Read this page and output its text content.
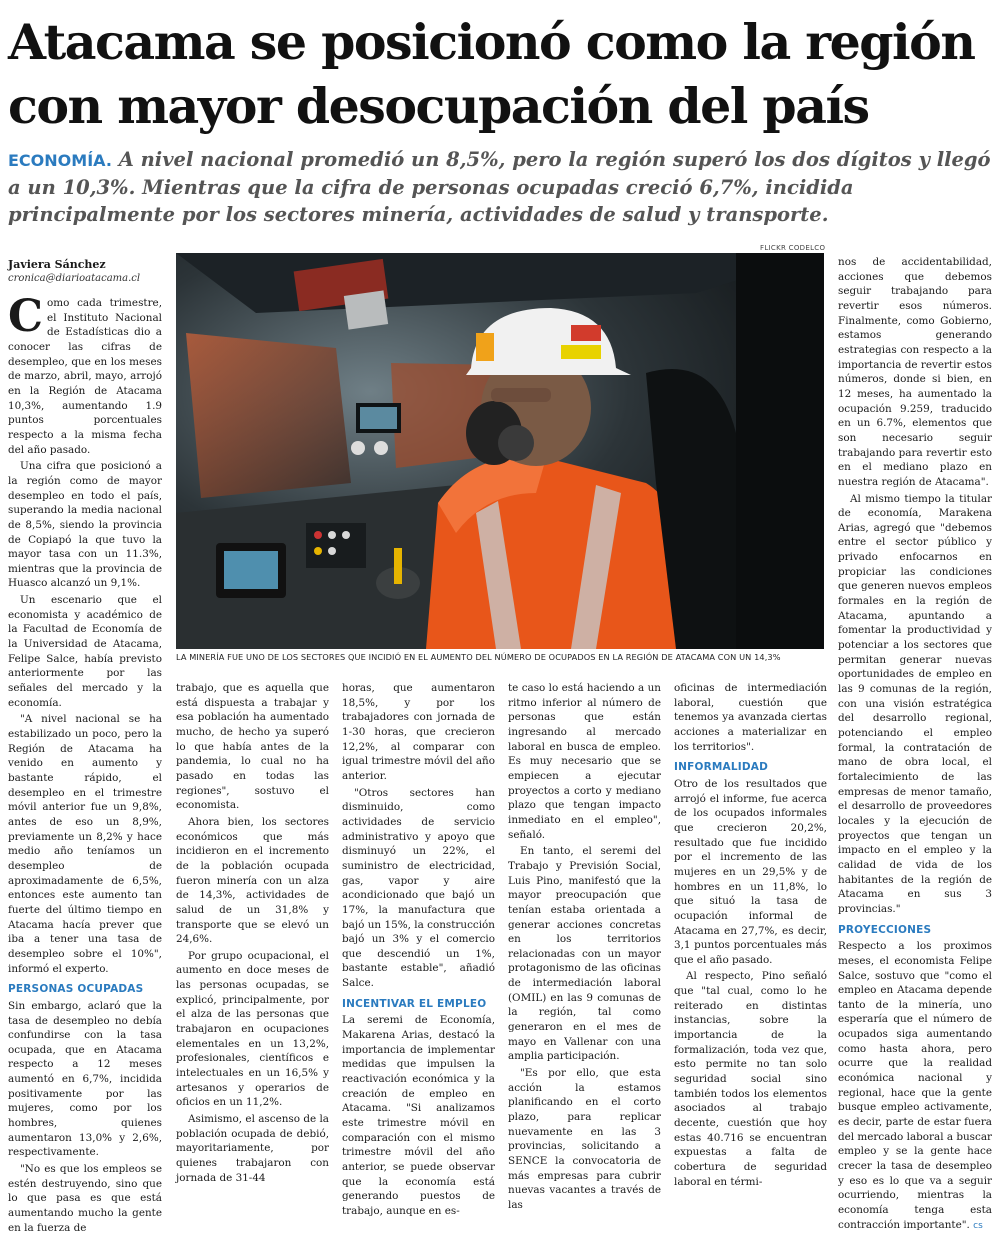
Atacama se posicionó como la región con mayor desocupación del país

ECONOMÍA. A nivel nacional promedió un 8,5%, pero la región superó los dos dígitos y llegó a un 10,3%. Mientras que la cifra de personas ocupadas creció 6,7%, incidida principalmente por los sectores minería, actividades de salud y transporte.

Javiera Sánchez
cronica@diarioatacama.cl
FLICKR CODELCO
LA MINERÍA FUE UNO DE LOS SECTORES QUE INCIDIÓ EN EL AUMENTO DEL NÚMERO DE OCUPADOS EN LA REGIÓN DE ATACAMA CON UN 14,3%

Como cada trimestre, el Instituto Nacional de Estadísticas dio a conocer las cifras de desempleo, que en los meses de marzo, abril, mayo, arrojó en la Región de Atacama 10,3%, aumentando 1.9 puntos porcentuales respecto a la misma fecha del año pasado.

Una cifra que posicionó a la región como de mayor desempleo en todo el país, superando la media nacional de 8,5%, siendo la provincia de Copiapó la que tuvo la mayor tasa con un 11.3%, mientras que la provincia de Huasco alcanzó un 9,1%.

Un escenario que el economista y académico de la Facultad de Economía de la Universidad de Atacama, Felipe Salce, había previsto anteriormente por las señales del mercado y la economía.

"A nivel nacional se ha estabilizado un poco, pero la Región de Atacama ha venido en aumento y bastante rápido, el desempleo en el trimestre móvil anterior fue un 9,8%, antes de eso un 8,9%, previamente un 8,2% y hace medio año teníamos un desempleo de aproximadamente de 6,5%, entonces este aumento tan fuerte del último tiempo en Atacama hacía prever que iba a tener una tasa de desempleo sobre el 10%", informó el experto.

PERSONAS OCUPADAS

Sin embargo, aclaró que la tasa de desempleo no debía confundirse con la tasa ocupada, que en Atacama respecto a 12 meses aumentó en 6,7%, incidida positivamente por las mujeres, como por los hombres, quienes aumentaron 13,0% y 2,6%, respectivamente.

"No es que los empleos se estén destruyendo, sino que lo que pasa es que está aumentando mucho la gente en la fuerza de

trabajo, que es aquella que está dispuesta a trabajar y esa población ha aumentado mucho, de hecho ya superó lo que había antes de la pandemia, lo cual no ha pasado en todas las regiones", sostuvo el economista.

Ahora bien, los sectores económicos que más incidieron en el incremento de la población ocupada fueron minería con un alza de 14,3%, actividades de salud de un 31,8% y transporte que se elevó un 24,6%.

Por grupo ocupacional, el aumento en doce meses de las personas ocupadas, se explicó, principalmente, por el alza de las personas que trabajaron en ocupaciones elementales en un 13,2%, profesionales, científicos e intelectuales en un 16,5% y artesanos y operarios de oficios en un 11,2%.

Asimismo, el ascenso de la población ocupada de debió, mayoritariamente, por quienes trabajaron con jornada de 31-44

horas, que aumentaron 18,5%, y por los trabajadores con jornada de 1-30 horas, que crecieron 12,2%, al comparar con igual trimestre móvil del año anterior.

"Otros sectores han disminuido, como actividades de servicio administrativo y apoyo que disminuyó un 22%, el suministro de electricidad, gas, vapor y aire acondicionado que bajó un 17%, la manufactura que bajó un 15%, la construcción bajó un 3% y el comercio que descendió un 1%, bastante estable", añadió Salce.

INCENTIVAR EL EMPLEO

La seremi de Economía, Makarena Arias, destacó la importancia de implementar medidas que impulsen la reactivación económica y la creación de empleo en Atacama. "Si analizamos este trimestre móvil en comparación con el mismo trimestre móvil del año anterior, se puede observar que la economía está generando puestos de trabajo, aunque en es-

te caso lo está haciendo a un ritmo inferior al número de personas que están ingresando al mercado laboral en busca de empleo. Es muy necesario que se empiecen a ejecutar proyectos a corto y mediano plazo que tengan impacto inmediato en el empleo", señaló.

En tanto, el seremi del Trabajo y Previsión Social, Luis Pino, manifestó que la mayor preocupación que tenían estaba orientada a generar acciones concretas en los territorios relacionadas con un mayor protagonismo de las oficinas de intermediación laboral (OMIL) en las 9 comunas de la región, tal como generaron en el mes de mayo en Vallenar con una amplia participación.

"Es por ello, que esta acción la estamos planificando en el corto plazo, para replicar nuevamente en las 3 provincias, solicitando a SENCE la convocatoria de más empresas para cubrir nuevas vacantes a través de las

oficinas de intermediación laboral, cuestión que tenemos ya avanzada ciertas acciones a materializar en los territorios".

INFORMALIDAD

Otro de los resultados que arrojó el informe, fue acerca de los ocupados informales que crecieron 20,2%, resultado que fue incidido por el incremento de las mujeres en un 29,5% y de hombres en un 11,8%, lo que situó la tasa de ocupación informal de Atacama en 27,7%, es decir, 3,1 puntos porcentuales más que el año pasado.

Al respecto, Pino señaló que "tal cual, como lo he reiterado en distintas instancias, sobre la importancia de la formalización, toda vez que, esto permite no tan solo seguridad social sino también todos los elementos asociados al trabajo decente, cuestión que hoy estas 40.716 se encuentran expuestas a falta de cobertura de seguridad laboral en térmi-

nos de accidentabilidad, acciones que debemos seguir trabajando para revertir esos números. Finalmente, como Gobierno, estamos generando estrategias con respecto a la importancia de revertir estos números, donde si bien, en 12 meses, ha aumentado la ocupación 9.259, traducido en un 6.7%, elementos que son necesario seguir trabajando para revertir esto en el mediano plazo en nuestra región de Atacama".

Al mismo tiempo la titular de economía, Marakena Arias, agregó que "debemos entre el sector público y privado enfocarnos en propiciar las condiciones que generen nuevos empleos formales en la región de Atacama, apuntando a fomentar la productividad y potenciar a los sectores que permitan generar nuevas oportunidades de empleo en las 9 comunas de la región, con una visión estratégica del desarrollo regional, potenciando el empleo formal, la contratación de mano de obra local, el fortalecimiento de las empresas de menor tamaño, el desarrollo de proveedores locales y la ejecución de proyectos que tengan un impacto en el empleo y la calidad de vida de los habitantes de la región de Atacama en sus 3 provincias."

PROYECCIONES

Respecto a los proximos meses, el economista Felipe Salce, sostuvo que "como el empleo en Atacama depende tanto de la minería, uno esperaría que el número de ocupados siga aumentando como hasta ahora, pero ocurre que la realidad económica nacional y regional, hace que la gente busque empleo activamente, es decir, parte de estar fuera del mercado laboral a buscar empleo y se la gente hace crecer la tasa de desempleo y eso es lo que va a seguir ocurriendo, mientras la economía tenga esta contracción importante". cs
